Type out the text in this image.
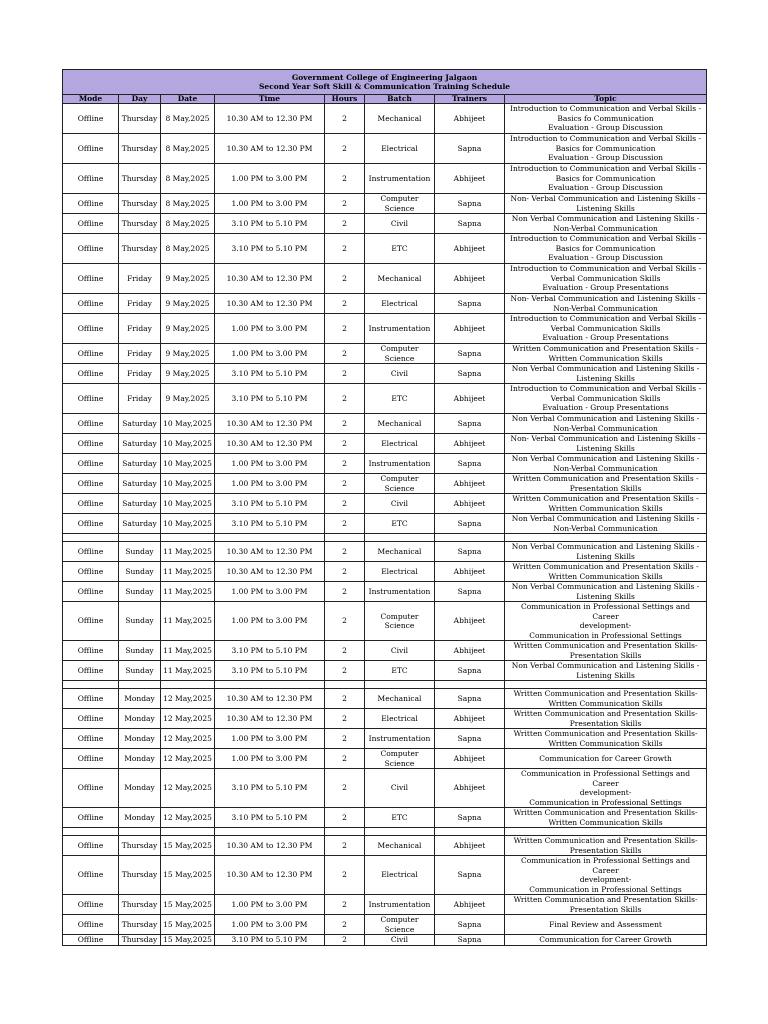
Government College of Engineering Jalgaon
Second Year Soft Skill & Communication Training Schedule							

Mode	Day	Date	Time	Hours	Batch	Trainers	Topic
Offline	Thursday	8 May,2025	10.30 AM to 12.30 PM	2	Mechanical	Abhijeet	Introduction to Communication and Verbal Skills -
Basics fo Communication
Evaluation - Group Discussion

Offline	Thursday	8 May,2025	10.30 AM to 12.30 PM	2	Electrical	Sapna	Introduction to Communication and Verbal Skills -
Basics for Communication
Evaluation - Group Discussion

Offline	Thursday	8 May,2025	1.00 PM to 3.00 PM	2	Instrumentation	Abhijeet	Introduction to Communication and Verbal Skills -
Basics for Communication
Evaluation - Group Discussion

Offline	Thursday	8 May,2025	1.00 PM to 3.00 PM	2	Computer Science	Sapna	Non- Verbal Communication and Listening Skills -
Listening Skills

Offline	Thursday	8 May,2025	3.10 PM to 5.10 PM	2	Civil	Sapna	Non Verbal Communication and Listening Skills -
Non-Verbal Communication

Offline	Thursday	8 May,2025	3.10 PM to 5.10 PM	2	ETC	Abhijeet	Introduction to Communication and Verbal Skills -
Basics for Communication
Evaluation - Group Discussion

Offline	Friday	9 May,2025	10.30 AM to 12.30 PM	2	Mechanical	Abhijeet	Introduction to Communication and Verbal Skills -
Verbal Communication Skills
Evaluation - Group Presentations

Offline	Friday	9 May,2025	10.30 AM to 12.30 PM	2	Electrical	Sapna	Non- Verbal Communication and Listening Skills -
Non-Verbal Communication

Offline	Friday	9 May,2025	1.00 PM to 3.00 PM	2	Instrumentation	Abhijeet	Introduction to Communication and Verbal Skills -
Verbal Communication Skills
Evaluation - Group Presentations

Offline	Friday	9 May,2025	1.00 PM to 3.00 PM	2	Computer Science	Sapna	Written Communication and Presentation Skills -
Written Communication Skills

Offline	Friday	9 May,2025	3.10 PM to 5.10 PM	2	Civil	Sapna	Non Verbal Communication and Listening Skills -
Listening Skills

Offline	Friday	9 May,2025	3.10 PM to 5.10 PM	2	ETC	Abhijeet	Introduction to Communication and Verbal Skills -
Verbal Communication Skills
Evaluation - Group Presentations

Offline	Saturday	10 May,2025	10.30 AM to 12.30 PM	2	Mechanical	Sapna	Non Verbal Communication and Listening Skills -
Non-Verbal Communication

Offline	Saturday	10 May,2025	10.30 AM to 12.30 PM	2	Electrical	Abhijeet	Non- Verbal Communication and Listening Skills -
Listening Skills

Offline	Saturday	10 May,2025	1.00 PM to 3.00 PM	2	Instrumentation	Sapna	Non Verbal Communication and Listening Skills -
Non-Verbal Communication

Offline	Saturday	10 May,2025	1.00 PM to 3.00 PM	2	Computer Science	Abhijeet	Written Communication and Presentation Skills -
Presentation Skills

Offline	Saturday	10 May,2025	3.10 PM to 5.10 PM	2	Civil	Abhijeet	Written Communication and Presentation Skills -
Written Communication Skills

Offline	Saturday	10 May,2025	3.10 PM to 5.10 PM	2	ETC	Sapna	Non Verbal Communication and Listening Skills -
Non-Verbal Communication

Offline	Sunday	11 May,2025	10.30 AM to 12.30 PM	2	Mechanical	Sapna	Non Verbal Communication and Listening Skills -
Listening Skills

Offline	Sunday	11 May,2025	10.30 AM to 12.30 PM	2	Electrical	Abhijeet	Written Communication and Presentation Skills -
Written Communication Skills

Offline	Sunday	11 May,2025	1.00 PM to 3.00 PM	2	Instrumentation	Sapna	Non Verbal Communication and Listening Skills -
Listening Skills

Offline	Sunday	11 May,2025	1.00 PM to 3.00 PM	2	Computer Science	Abhijeet	Communication in Professional Settings and Career
development-
Communication in Professional Settings

Offline	Sunday	11 May,2025	3.10 PM to 5.10 PM	2	Civil	Abhijeet	Written Communication and Presentation Skills-
Presentation Skills

Offline	Sunday	11 May,2025	3.10 PM to 5.10 PM	2	ETC	Sapna	Non Verbal Communication and Listening Skills -
Listening Skills

Offline	Monday	12 May,2025	10.30 AM to 12.30 PM	2	Mechanical	Sapna	Written Communication and Presentation Skills-
Written Communication Skills

Offline	Monday	12 May,2025	10.30 AM to 12.30 PM	2	Electrical	Abhijeet	Written Communication and Presentation Skills-
Presentation Skills

Offline	Monday	12 May,2025	1.00 PM to 3.00 PM	2	Instrumentation	Sapna	Written Communication and Presentation Skills-
Written Communication Skills

Offline	Monday	12 May,2025	1.00 PM to 3.00 PM	2	Computer Science	Abhijeet	Communication for Career Growth

Offline	Monday	12 May,2025	3.10 PM to 5.10 PM	2	Civil	Abhijeet	Communication in Professional Settings and Career
development-
Communication in Professional Settings

Offline	Monday	12 May,2025	3.10 PM to 5.10 PM	2	ETC	Sapna	Written Communication and Presentation Skills-
Written Communication Skills

Offline	Thursday	15 May,2025	10.30 AM to 12.30 PM	2	Mechanical	Abhijeet	Written Communication and Presentation Skills-
Presentation Skills

Offline	Thursday	15 May,2025	10.30 AM to 12.30 PM	2	Electrical	Sapna	Communication in Professional Settings and Career
development-
Communication in Professional Settings

Offline	Thursday	15 May,2025	1.00 PM to 3.00 PM	2	Instrumentation	Abhijeet	Written Communication and Presentation Skills-
Presentation Skills

Offline	Thursday	15 May,2025	1.00 PM to 3.00 PM	2	Computer Science	Sapna	Final Review and Assessment

Offline	Thursday	15 May,2025	3.10 PM to 5.10 PM	2	Civil	Sapna	Communication for Career Growth
